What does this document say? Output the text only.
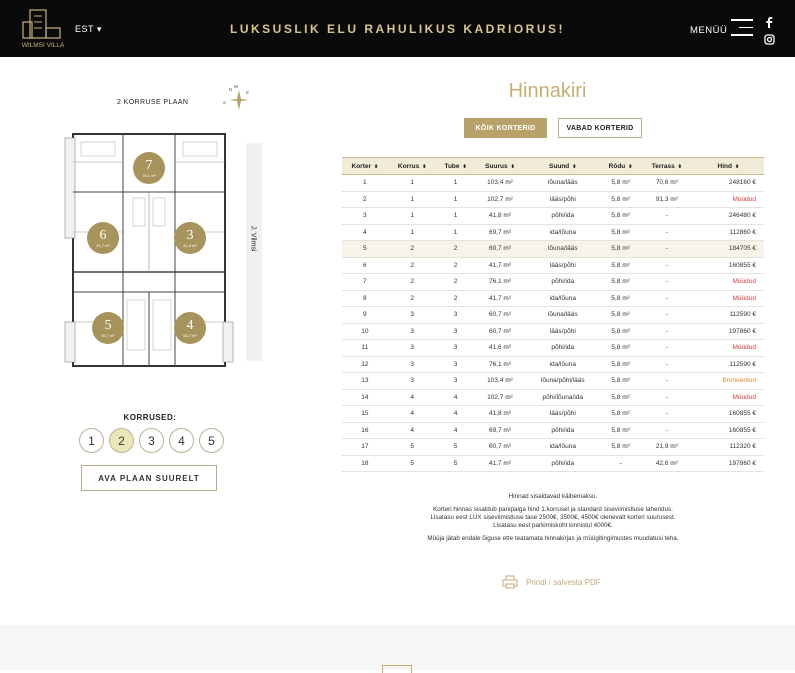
WILMSI VILLA
EST ▾	LUKSUSLIK ELU RAHULIKUS KADRIORUS!	MENÜÜ

2 KORRUSE PLAAN
N
E
W
S
7
76,1 m²
6
41,7 m²
3
41,8 m²
5
60,7 m²
4
60,7 m²
J. Vilmsi
KORRUSED:
1	2	3	4	5
AVA PLAAN SUURELT
Hinnakiri
KÕIK KORTERID	VABAD KORTERID
Korter ⬍	Korrus ⬍	Tube ⬍	Suurus ⬍	Suund ⬍	Rõdu ⬍	Terrass ⬍	Hind ⬍
1	1	1	103,4 m²	lõuna/lääs	5,8 m²	70,6 m²	248160 €
2	1	1	102,7 m²	lääs/põhi	5,8 m²	91,3 m²	Müüdud
3	1	1	41,8 m²	põhi/ida	5,8 m²	-	246480 €
4	1	1	69,7 m²	ida/lõuna	5,8 m²	-	112860 €
5	2	2	60,7 m²	lõuna/lääs	5,8 m²	-	184705 €
6	2	2	41,7 m²	lääs/põhi	5,8 m²	-	160855 €
7	2	2	76,1 m²	põhi/ida	5,8 m²	-	Müüdud
8	2	2	41,7 m²	ida/lõuna	5,8 m²	-	Müüdud
9	3	3	60,7 m²	lõuna/lääs	5,8 m²	-	112590 €
10	3	3	60,7 m²	lääs/põhi	5,8 m²	-	197860 €
11	3	3	41,6 m²	põhi/ida	5,8 m²	-	Müüdud
12	3	3	76,1 m²	ida/lõuna	5,8 m²	-	112590 €
13	3	3	103,4 m²	lõuna/põhi/lääs	5,8 m²	-	Broneeritud
14	4	4	102,7 m²	põhi/lõuna/ida	5,8 m²	-	Müüdud
15	4	4	41,8 m²	lääs/põhi	5,8 m²	-	160855 €
16	4	4	69,7 m²	põhi/ida	5,8 m²	-	160855 €
17	5	5	60,7 m²	ida/lõuna	5,8 m²	21,9 m²	112320 €
18	5	5	41,7 m²	põhi/ida	-	42,6 m²	197860 €
Hinnad sisaldavad käibemaksu.
Korteri hinnas sisaldub panipaiga hind 1.korrusel ja standard siseviimistluse lahendus.
Lisatasu eest LUX siseviimistluse tase 2500€, 3500€, 4500€ olenevalt korteri suurusest.
Lisatasu eest parkimiskoht kinnistul 4000€.
Müüja jätab endale õiguse ette teatamata hinnakirjas ja müügitingimustes muudatusi teha.
Prindi / salvesta PDF
